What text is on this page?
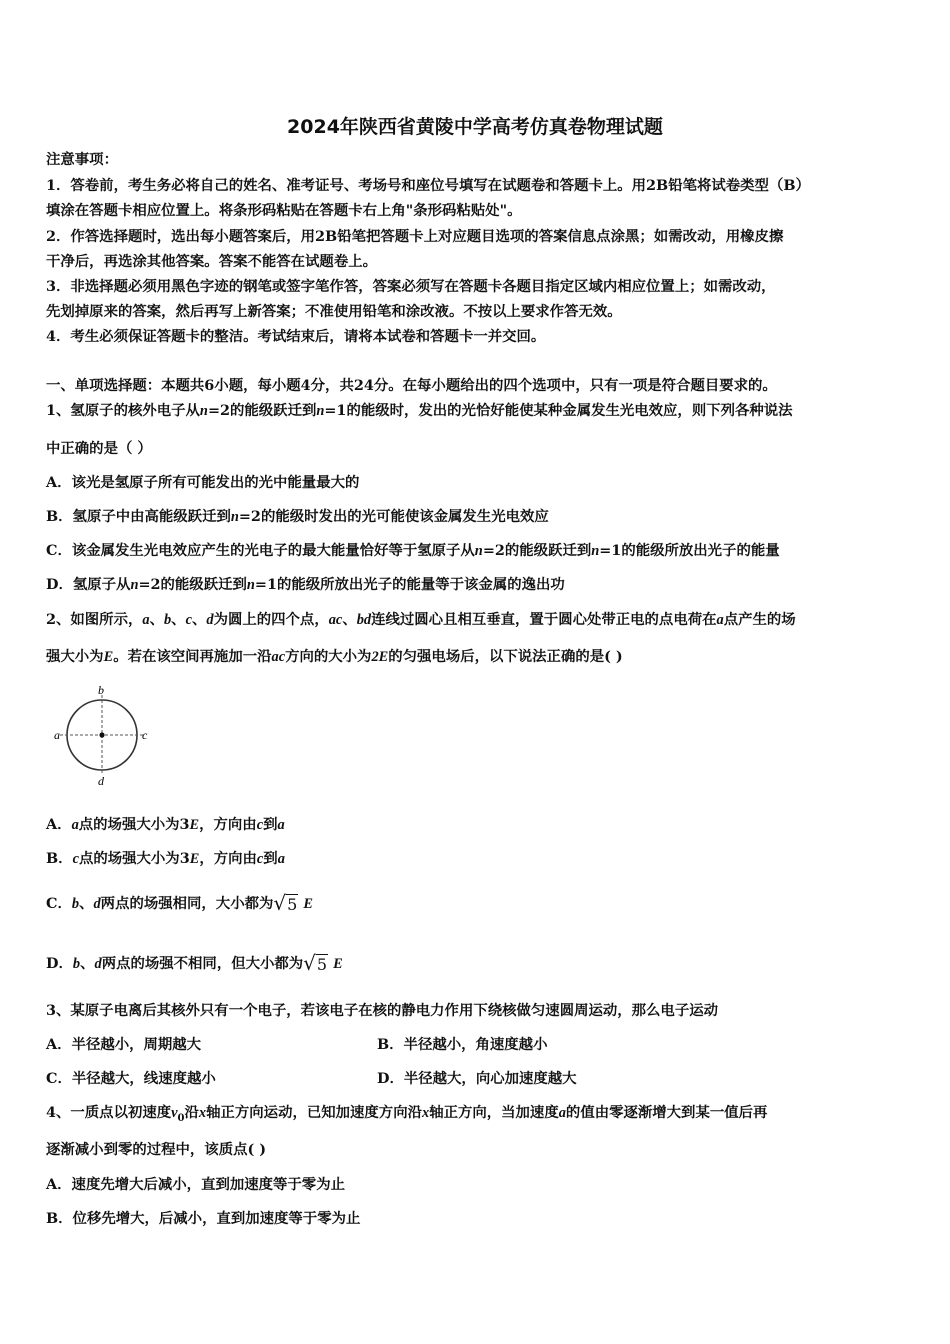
2024年陕西省黄陵中学高考仿真卷物理试题
注意事项：
1．答卷前，考生务必将自己的姓名、准考证号、考场号和座位号填写在试题卷和答题卡上。用2B铅笔将试卷类型（B）
填涂在答题卡相应位置上。将条形码粘贴在答题卡右上角"条形码粘贴处"。
2．作答选择题时，选出每小题答案后，用2B铅笔把答题卡上对应题目选项的答案信息点涂黑；如需改动，用橡皮擦
干净后，再选涂其他答案。答案不能答在试题卷上。
3．非选择题必须用黑色字迹的钢笔或签字笔作答，答案必须写在答题卡各题目指定区域内相应位置上；如需改动，
先划掉原来的答案，然后再写上新答案；不准使用铅笔和涂改液。不按以上要求作答无效。
4．考生必须保证答题卡的整洁。考试结束后，请将本试卷和答题卡一并交回。
一、单项选择题：本题共6小题，每小题4分，共24分。在每小题给出的四个选项中，只有一项是符合题目要求的。
1、氢原子的核外电子从n=2的能级跃迁到n=1的能级时，发出的光恰好能使某种金属发生光电效应，则下列各种说法
中正确的是（ ）
A．该光是氢原子所有可能发出的光中能量最大的
B．氢原子中由高能级跃迁到n=2的能级时发出的光可能使该金属发生光电效应
C．该金属发生光电效应产生的光电子的最大能量恰好等于氢原子从n=2的能级跃迁到n=1的能级所放出光子的能量
D．氢原子从n=2的能级跃迁到n=1的能级所放出光子的能量等于该金属的逸出功
2、如图所示，a、b、c、d为圆上的四个点，ac、bd连线过圆心且相互垂直，置于圆心处带正电的点电荷在a点产生的场
强大小为E。若在该空间再施加一沿ac方向的大小为2E的匀强电场后，以下说法正确的是( )
a	c
b
d
A．a点的场强大小为3E，方向由c到a
B．c点的场强大小为3E，方向由c到a
C．b、d两点的场强相同，大小都为√5 E
D．b、d两点的场强不相同，但大小都为√5 E
3、某原子电离后其核外只有一个电子，若该电子在核的静电力作用下绕核做匀速圆周运动，那么电子运动
A．半径越小，周期越大	B．半径越小，角速度越小
C．半径越大，线速度越小	D．半径越大，向心加速度越大
4、一质点以初速度$v_0$沿x轴正方向运动，已知加速度方向沿x轴正方向，当加速度a的值由零逐渐增大到某一值后再
逐渐减小到零的过程中，该质点( )
A．速度先增大后减小，直到加速度等于零为止
B．位移先增大，后减小，直到加速度等于零为止
